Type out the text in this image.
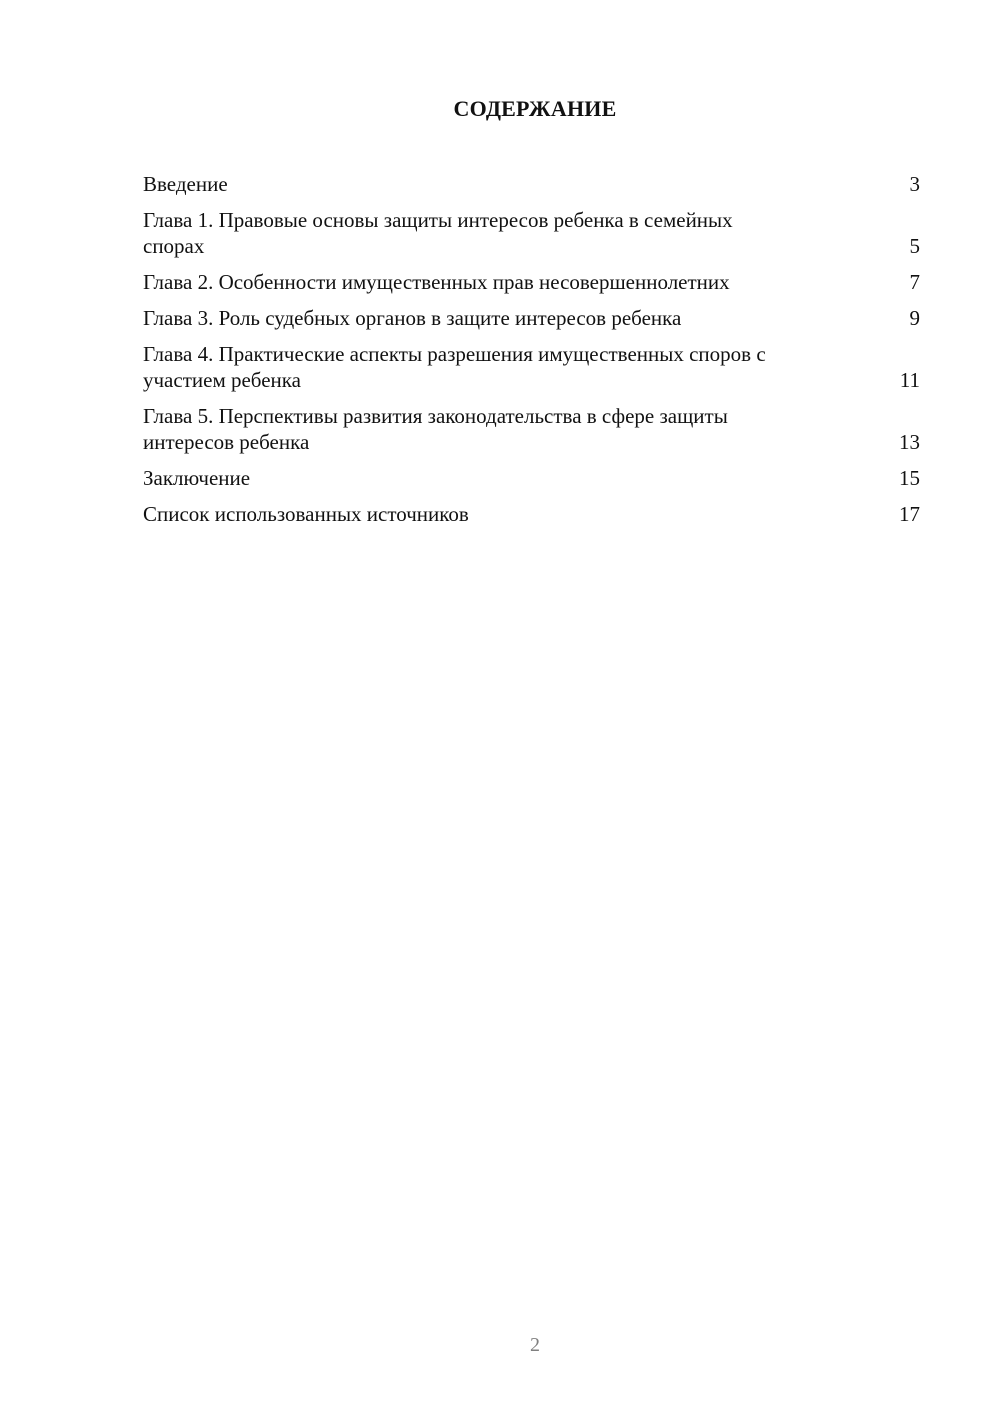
СОДЕРЖАНИЕ
Введение	3
Глава 1. Правовые основы защиты интересов ребенка в семейных спорах	5
Глава 2. Особенности имущественных прав несовершеннолетних	7
Глава 3. Роль судебных органов в защите интересов ребенка	9
Глава 4. Практические аспекты разрешения имущественных споров с участием ребенка	11
Глава 5. Перспективы развития законодательства в сфере защиты интересов ребенка	13
Заключение	15
Список использованных источников	17
2
